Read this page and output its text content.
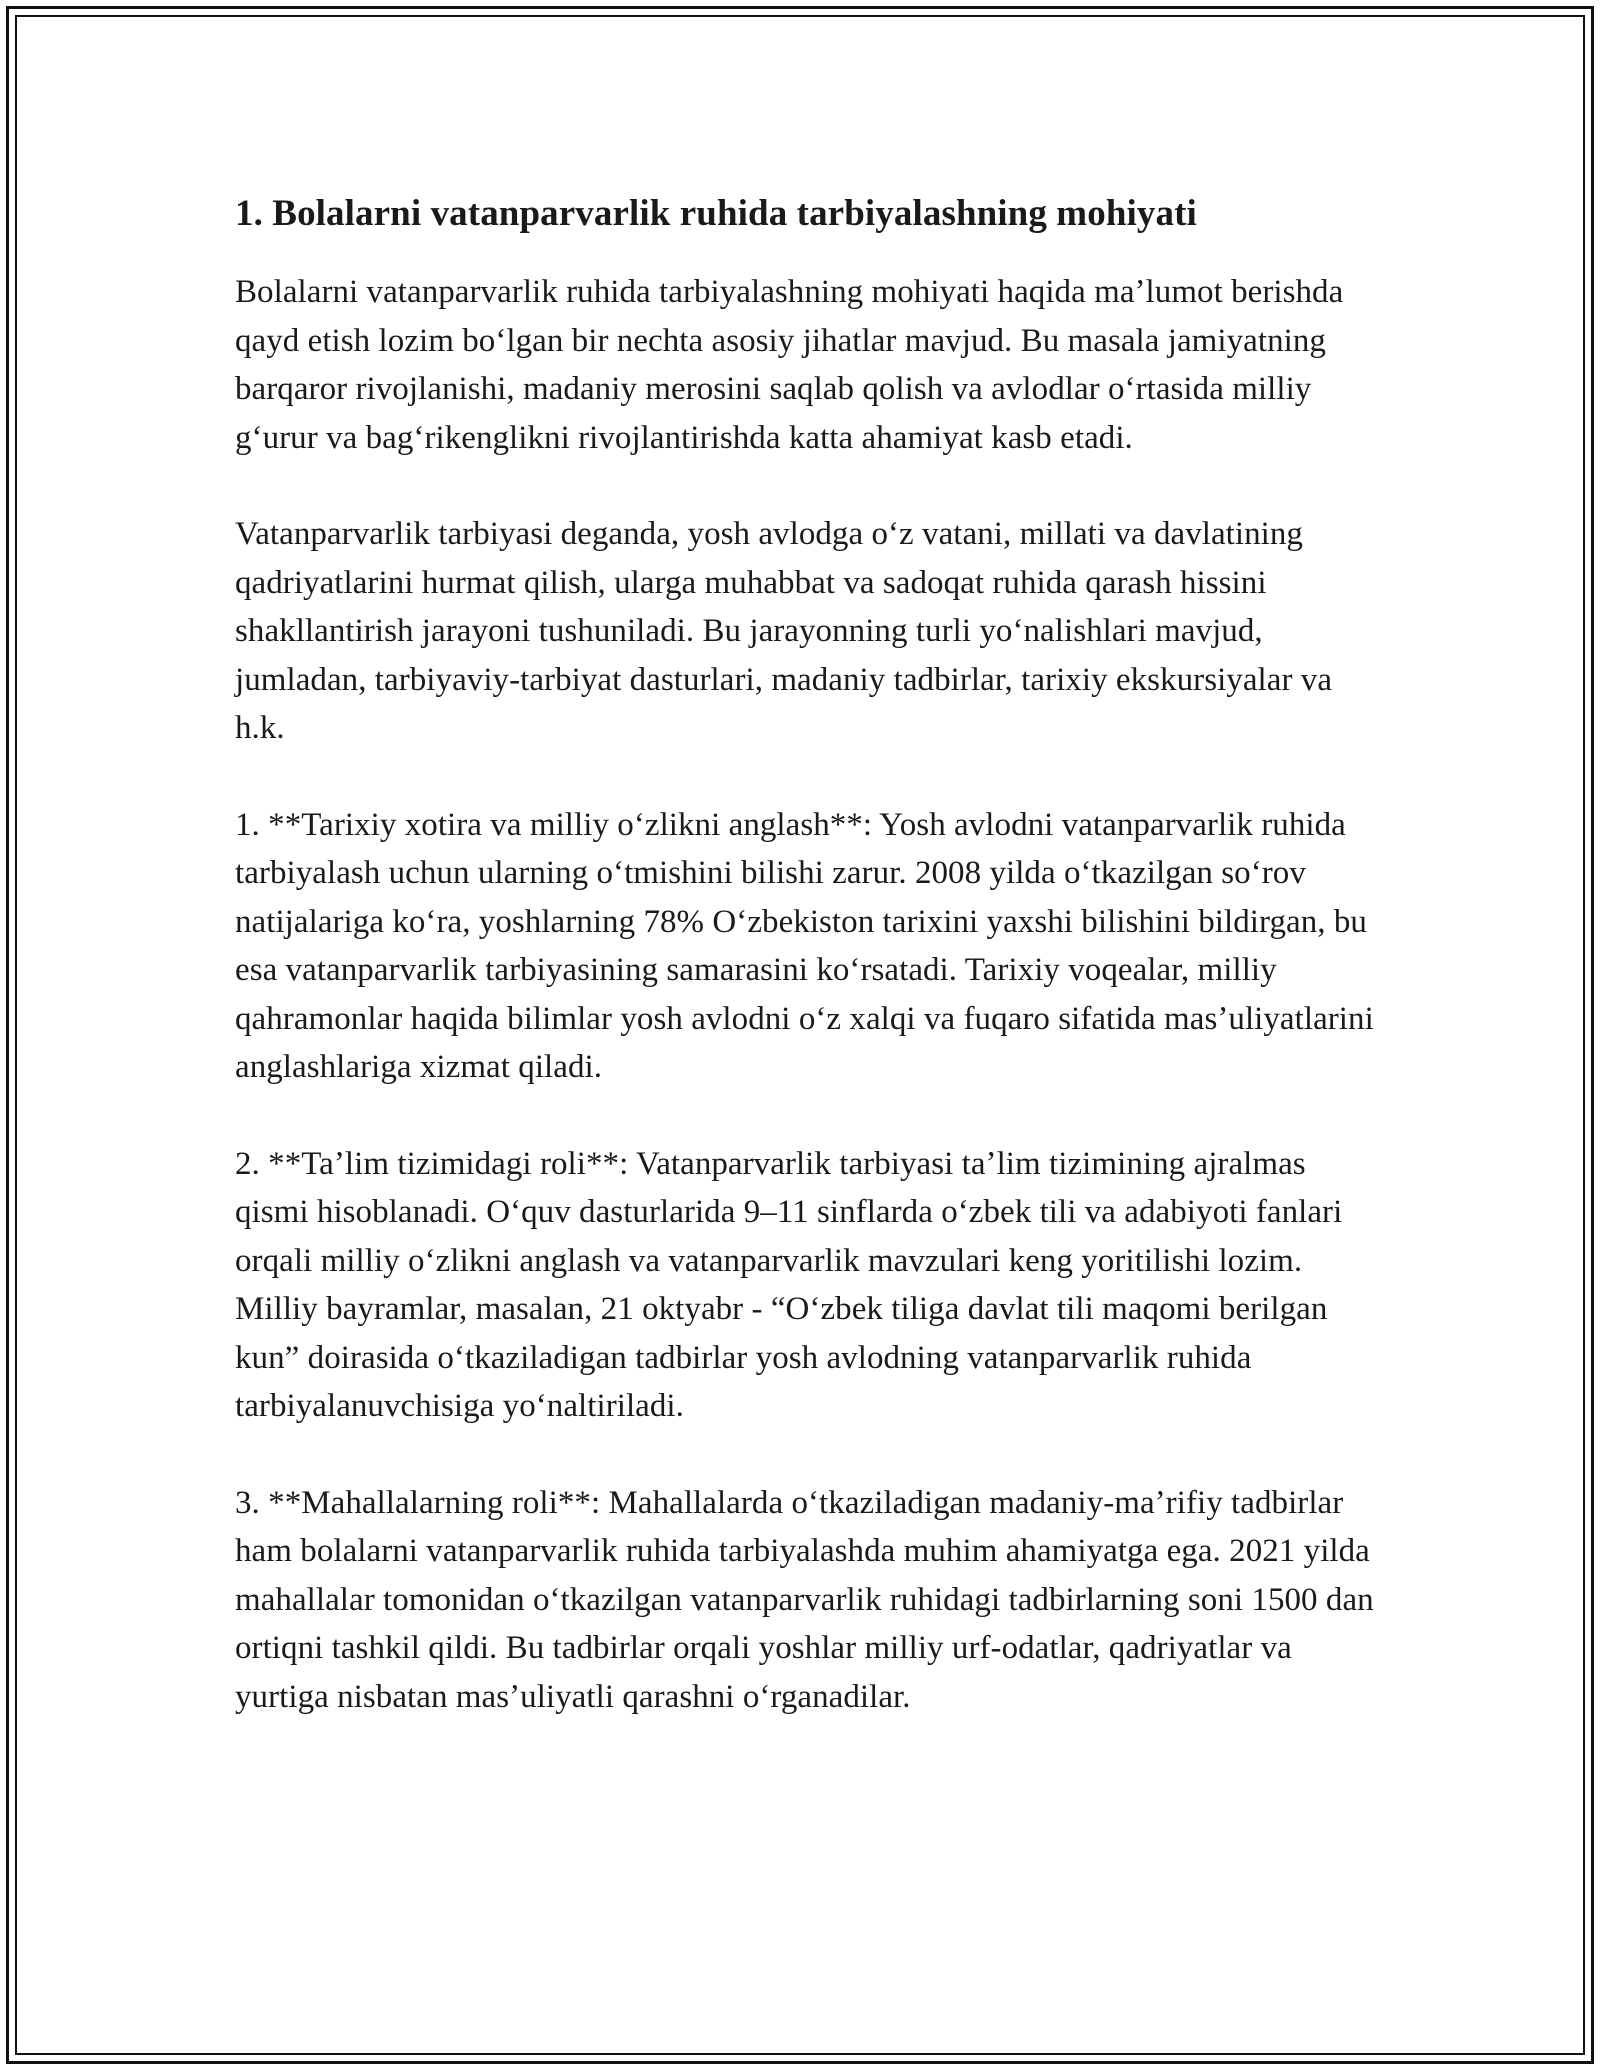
1. Bolalarni vatanparvarlik ruhida tarbiyalashning mohiyati

Bolalarni vatanparvarlik ruhida tarbiyalashning mohiyati haqida maʼlumot berishda qayd etish lozim boʻlgan bir nechta asosiy jihatlar mavjud. Bu masala jamiyatning barqaror rivojlanishi, madaniy merosini saqlab qolish va avlodlar oʻrtasida milliy gʻurur va bagʻrikenglikni rivojlantirishda katta ahamiyat kasb etadi.

Vatanparvarlik tarbiyasi deganda, yosh avlodga oʻz vatani, millati va davlatining qadriyatlarini hurmat qilish, ularga muhabbat va sadoqat ruhida qarash hissini shakllantirish jarayoni tushuniladi. Bu jarayonning turli yoʻnalishlari mavjud, jumladan, tarbiyaviy-tarbiyat dasturlari, madaniy tadbirlar, tarixiy ekskursiyalar va h.k.

1. **Tarixiy xotira va milliy oʻzlikni anglash**: Yosh avlodni vatanparvarlik ruhida tarbiyalash uchun ularning oʻtmishini bilishi zarur. 2008 yilda oʻtkazilgan soʻrov natijalariga koʻra, yoshlarning 78% Oʻzbekiston tarixini yaxshi bilishini bildirgan, bu esa vatanparvarlik tarbiyasining samarasini koʻrsatadi. Tarixiy voqealar, milliy qahramonlar haqida bilimlar yosh avlodni oʻz xalqi va fuqaro sifatida masʼuliyatlarini anglashlariga xizmat qiladi.

2. **Taʼlim tizimidagi roli**: Vatanparvarlik tarbiyasi taʼlim tizimining ajralmas qismi hisoblanadi. Oʻquv dasturlarida 9–11 sinflarda oʻzbek tili va adabiyoti fanlari orqali milliy oʻzlikni anglash va vatanparvarlik mavzulari keng yoritilishi lozim. Milliy bayramlar, masalan, 21 oktyabr - “Oʻzbek tiliga davlat tili maqomi berilgan kun” doirasida oʻtkaziladigan tadbirlar yosh avlodning vatanparvarlik ruhida tarbiyalanuvchisiga yoʻnaltiriladi.

3. **Mahallalarning roli**: Mahallalarda oʻtkaziladigan madaniy-maʼrifiy tadbirlar ham bolalarni vatanparvarlik ruhida tarbiyalashda muhim ahamiyatga ega. 2021 yilda mahallalar tomonidan oʻtkazilgan vatanparvarlik ruhidagi tadbirlarning soni 1500 dan ortiqni tashkil qildi. Bu tadbirlar orqali yoshlar milliy urf-odatlar, qadriyatlar va yurtiga nisbatan masʼuliyatli qarashni oʻrganadilar.
